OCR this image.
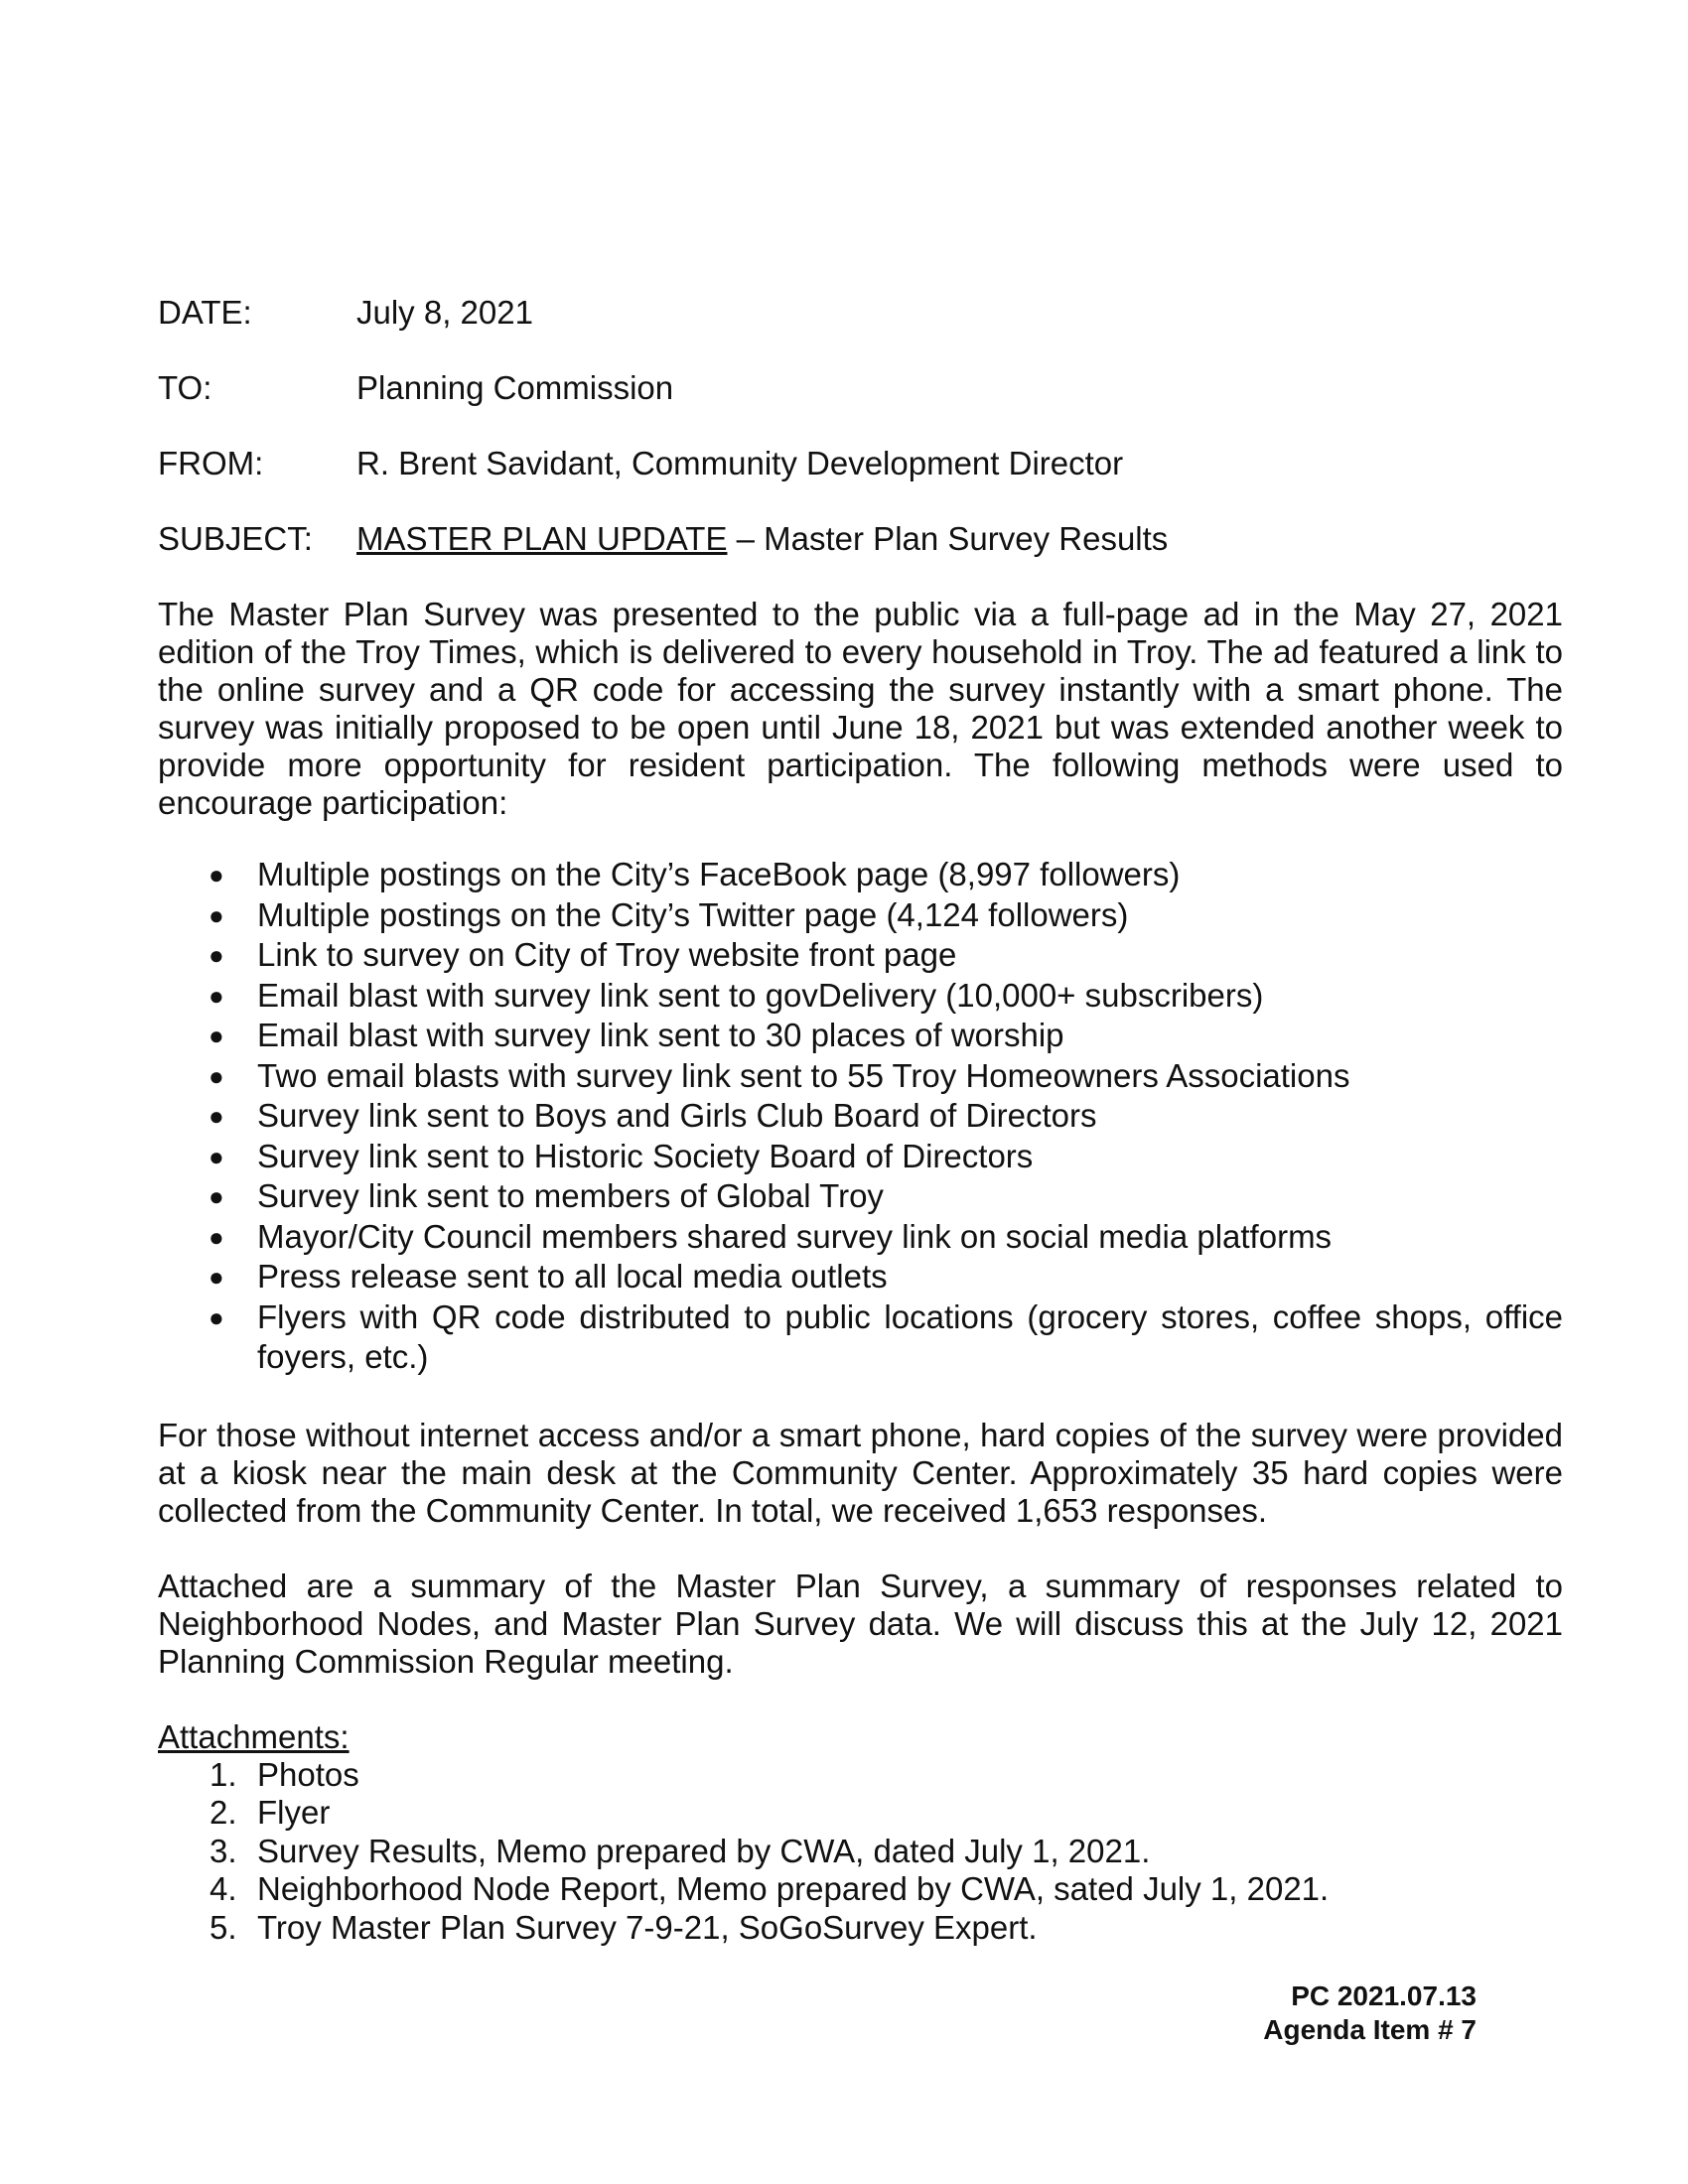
DATE:	July 8, 2021
TO:	Planning Commission
FROM:	R. Brent Savidant, Community Development Director
SUBJECT:	MASTER PLAN UPDATE – Master Plan Survey Results

The Master Plan Survey was presented to the public via a full-page ad in the May 27, 2021 edition of the Troy Times, which is delivered to every household in Troy. The ad featured a link to the online survey and a QR code for accessing the survey instantly with a smart phone. The survey was initially proposed to be open until June 18, 2021 but was extended another week to provide more opportunity for resident participation. The following methods were used to encourage participation:

● Multiple postings on the City’s FaceBook page (8,997 followers)
● Multiple postings on the City’s Twitter page (4,124 followers)
● Link to survey on City of Troy website front page
● Email blast with survey link sent to govDelivery (10,000+ subscribers)
● Email blast with survey link sent to 30 places of worship
● Two email blasts with survey link sent to 55 Troy Homeowners Associations
● Survey link sent to Boys and Girls Club Board of Directors
● Survey link sent to Historic Society Board of Directors
● Survey link sent to members of Global Troy
● Mayor/City Council members shared survey link on social media platforms
● Press release sent to all local media outlets
● Flyers with QR code distributed to public locations (grocery stores, coffee shops, office foyers, etc.)

For those without internet access and/or a smart phone, hard copies of the survey were provided at a kiosk near the main desk at the Community Center. Approximately 35 hard copies were collected from the Community Center. In total, we received 1,653 responses.

Attached are a summary of the Master Plan Survey, a summary of responses related to Neighborhood Nodes, and Master Plan Survey data. We will discuss this at the July 12, 2021 Planning Commission Regular meeting.

Attachments:
1. Photos
2. Flyer
3. Survey Results, Memo prepared by CWA, dated July 1, 2021.
4. Neighborhood Node Report, Memo prepared by CWA, sated July 1, 2021.
5. Troy Master Plan Survey 7-9-21, SoGoSurvey Expert.
PC 2021.07.13
Agenda Item # 7
